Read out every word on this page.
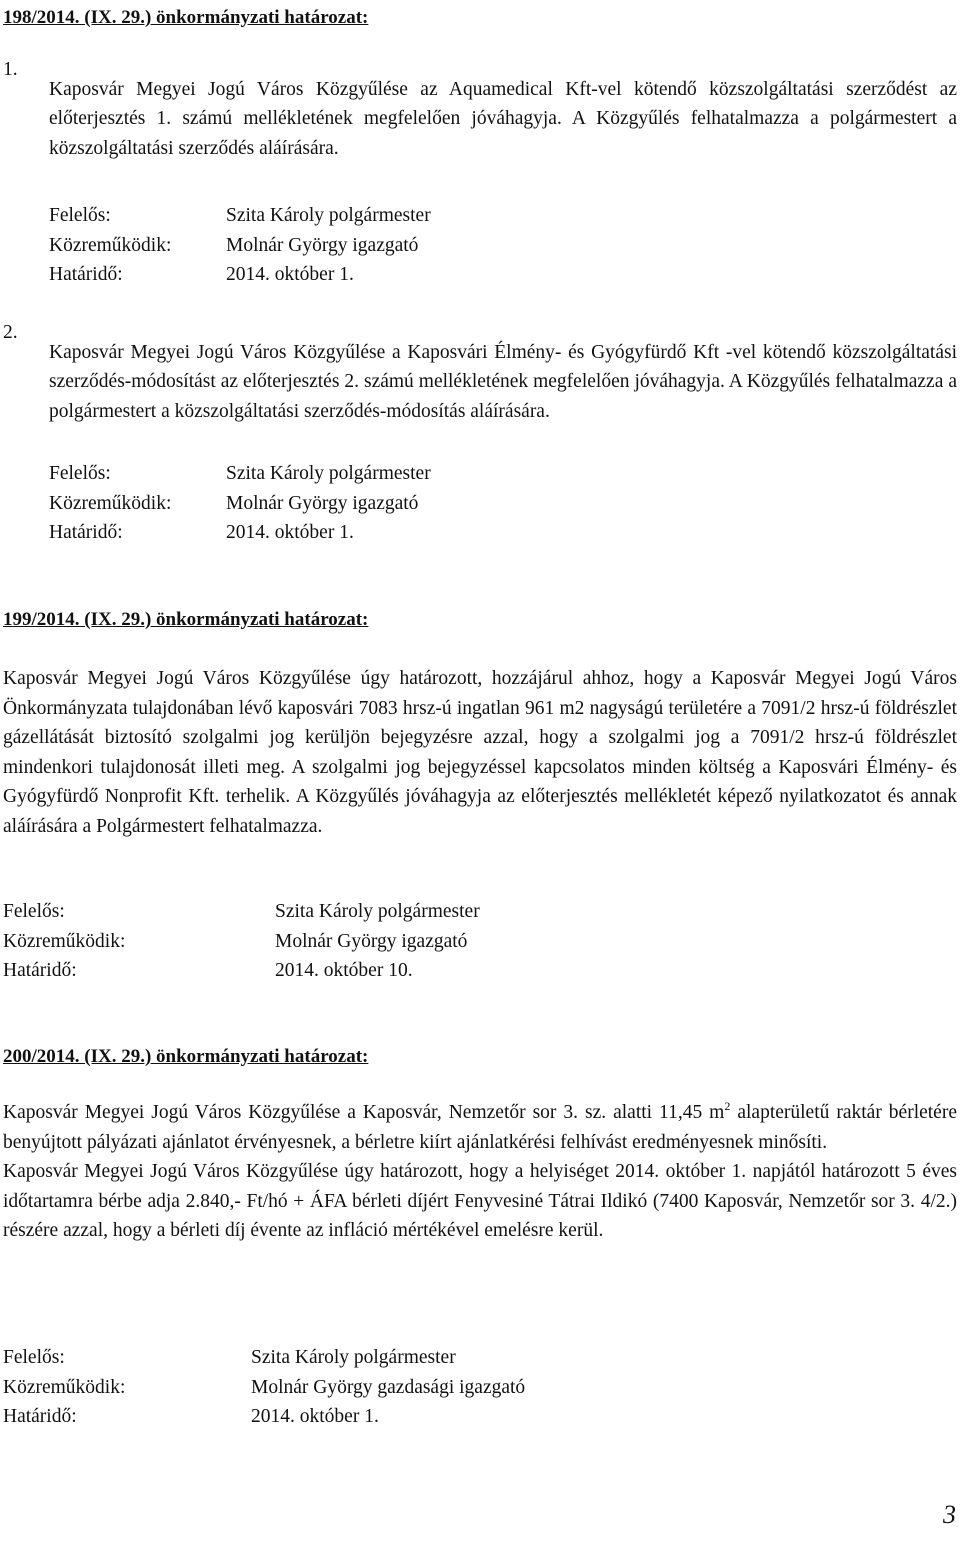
198/2014. (IX. 29.) önkormányzati határozat:
1.

Kaposvár Megyei Jogú Város Közgyűlése az Aquamedical Kft-vel kötendő közszolgáltatási szerződést az előterjesztés 1. számú mellékletének megfelelően jóváhagyja. A Közgyűlés felhatalmazza a polgármestert a közszolgáltatási szerződés aláírására.

Felelős:	Szita Károly polgármester
Közreműködik:	Molnár György igazgató
Határidő:	2014. október 1.
2.

Kaposvár Megyei Jogú Város Közgyűlése a Kaposvári Élmény- és Gyógyfürdő Kft -vel kötendő közszolgáltatási szerződés-módosítást az előterjesztés 2. számú mellékletének megfelelően jóváhagyja. A Közgyűlés felhatalmazza a polgármestert a közszolgáltatási szerződés-módosítás aláírására.

Felelős:	Szita Károly polgármester
Közreműködik:	Molnár György igazgató
Határidő:	2014. október 1.
199/2014. (IX. 29.) önkormányzati határozat:

Kaposvár Megyei Jogú Város Közgyűlése úgy határozott, hozzájárul ahhoz, hogy a Kaposvár Megyei Jogú Város Önkormányzata tulajdonában lévő kaposvári 7083 hrsz-ú ingatlan 961 m2 nagyságú területére a 7091/2 hrsz-ú földrészlet gázellátását biztosító szolgalmi jog kerüljön bejegyzésre azzal, hogy a szolgalmi jog a 7091/2 hrsz-ú földrészlet mindenkori tulajdonosát illeti meg. A szolgalmi jog bejegyzéssel kapcsolatos minden költség a Kaposvári Élmény- és Gyógyfürdő Nonprofit Kft. terhelik. A Közgyűlés jóváhagyja az előterjesztés mellékletét képező nyilatkozatot és annak aláírására a Polgármestert felhatalmazza.

Felelős:	Szita Károly polgármester
Közreműködik:	Molnár György igazgató
Határidő:	2014. október 10.
200/2014. (IX. 29.) önkormányzati határozat:

Kaposvár Megyei Jogú Város Közgyűlése a Kaposvár, Nemzetőr sor 3. sz. alatti 11,45 $m^2$ alapterületű raktár bérletére benyújtott pályázati ajánlatot érvényesnek, a bérletre kiírt ajánlatkérési felhívást eredményesnek minősíti.

Kaposvár Megyei Jogú Város Közgyűlése úgy határozott, hogy a helyiséget 2014. október 1. napjától határozott 5 éves időtartamra bérbe adja 2.840,- Ft/hó + ÁFA bérleti díjért Fenyvesiné Tátrai Ildikó (7400 Kaposvár, Nemzetőr sor 3. 4/2.) részére azzal, hogy a bérleti díj évente az infláció mértékével emelésre kerül.

Felelős:	Szita Károly polgármester
Közreműködik:	Molnár György gazdasági igazgató
Határidő:	2014. október 1.
3
